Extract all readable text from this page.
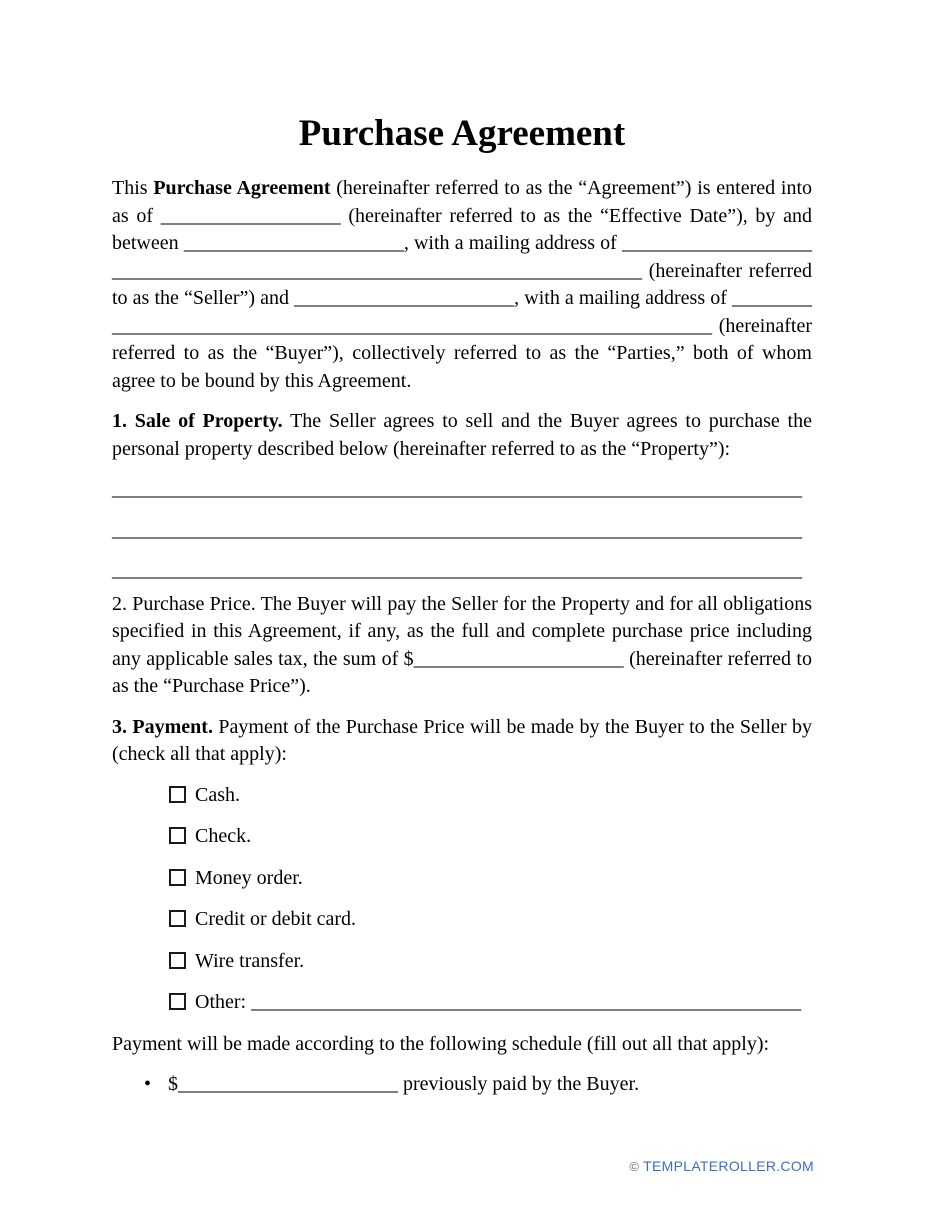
Purchase Agreement

This Purchase Agreement (hereinafter referred to as the “Agreement”) is entered into as of __________________ (hereinafter referred to as the “Effective Date”), by and between ______________________, with a mailing address of ________________________________________________________________________ (hereinafter referred to as the “Seller”) and ______________________, with a mailing address of ____________________________________________________________________ (hereinafter referred to as the “Buyer”), collectively referred to as the “Parties,” both of whom agree to be bound by this Agreement.

1. Sale of Property. The Seller agrees to sell and the Buyer agrees to purchase the personal property described below (hereinafter referred to as the “Property”):

_____________________________________________________________________

_____________________________________________________________________

_____________________________________________________________________

2. Purchase Price. The Buyer will pay the Seller for the Property and for all obligations specified in this Agreement, if any, as the full and complete purchase price including any applicable sales tax, the sum of $_____________________ (hereinafter referred to as the “Purchase Price”).

3. Payment. Payment of the Purchase Price will be made by the Buyer to the Seller by (check all that apply):

Cash.
Check.
Money order.
Credit or debit card.
Wire transfer.
Other: _______________________________________________________

Payment will be made according to the following schedule (fill out all that apply):

• $______________________ previously paid by the Buyer.
© TEMPLATEROLLER.COM
